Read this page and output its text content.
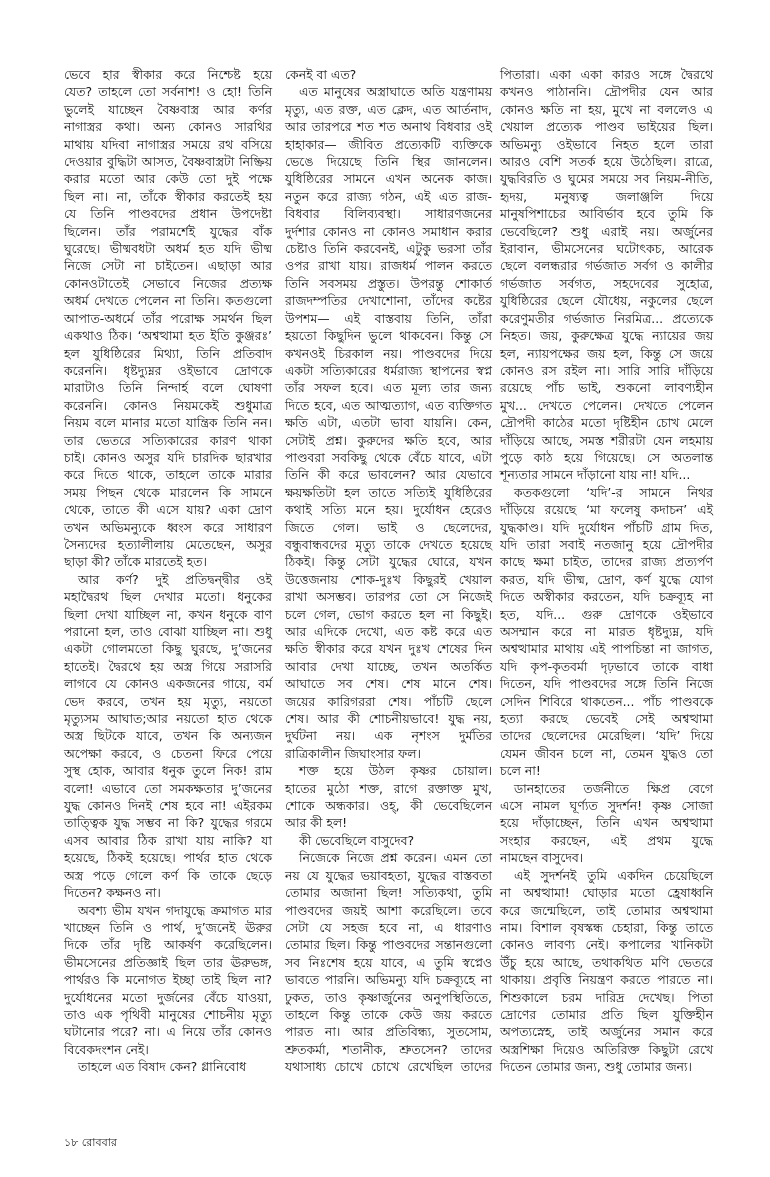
ভেবে হার স্বীকার করে নিশ্চেষ্ট হয়ে
যেত? তাহলে তো সর্বনাশ! ও হো! তিনি
ভুলেই যাচ্ছেন বৈষ্ণবাস্ত্র আর কর্ণর
নাগাস্ত্রর কথা। অন্য কোনও সারথির
মাথায় যদিবা নাগাস্ত্রর সময়ে রথ বসিয়ে
দেওয়ার বুদ্ধিটা আসত, বৈষ্ণবাস্ত্রটা নিষ্ক্রিয়
করার মতো আর কেউ তো দুই পক্ষে
ছিল না। না, তাঁকে স্বীকার করতেই হয়
যে তিনি পাণ্ডবদের প্রধান উপদেষ্টা
ছিলেন। তাঁর পরামর্শেই যুদ্ধের বাঁক
ঘুরেছে। ভীষ্মবধটা অধর্ম হত যদি ভীষ্ম
নিজে সেটা না চাইতেন। এছাড়া আর
কোনওটাতেই সেভাবে নিজের প্রত্যক্ষ
অধর্ম দেখতে পেলেন না তিনি। কতগুলো
আপাত-অধর্মে তাঁর পরোক্ষ সমর্থন ছিল
একথাও ঠিক। ‘অশ্বত্থামা হত ইতি কুঞ্জরঃ’
হল যুধিষ্ঠিরের মিথ্যা, তিনি প্রতিবাদ
করেননি। ধৃষ্টদ্যুম্নর ওইভাবে দ্রোণকে
মারাটাও তিনি নিন্দার্হ বলে ঘোষণা
করেননি। কোনও নিয়মকেই শুধুমাত্র
নিয়ম বলে মানার মতো যান্ত্রিক তিনি নন।
তার ভেতরে সত্যিকারের কারণ থাকা
চাই। কোনও অসুর যদি চারদিক ছারখার
করে দিতে থাকে, তাহলে তাকে মারার
সময় পিছন থেকে মারলেন কি সামনে
থেকে, তাতে কী এসে যায়? একা দ্রোণ
তখন অভিমন্যুকে ধ্বংস করে সাধারণ
সৈন্যদের হত্যালীলায় মেতেছেন, অসুর
ছাড়া কী? তাঁকে মারতেই হত।
আর কর্ণ? দুই প্রতিদ্বন্দ্বীর ওই
মহাদ্বৈরথ ছিল দেখার মতো। ধনুকের
ছিলা দেখা যাচ্ছিল না, কখন ধনুকে বাণ
পরানো হল, তাও বোঝা যাচ্ছিল না। শুধু
একটা গোলমতো কিছু ঘুরছে, দু’জনের
হাতেই। দ্বৈরথে হয় অস্ত্র গিয়ে সরাসরি
লাগবে যে কোনও একজনের গায়ে, বর্ম
ভেদ করবে, তখন হয় মৃত্যু, নয়তো
মৃত্যুসম আঘাত;আর নয়তো হাত থেকে
অস্ত্র ছিটকে যাবে, তখন কি অন্যজন
অপেক্ষা করবে, ও চেতনা ফিরে পেয়ে
সুস্থ হোক, আবার ধনুক তুলে নিক! রাম
বলো! এভাবে তো সমকক্ষতার দু’জনের
যুদ্ধ কোনও দিনই শেষ হবে না! এইরকম
তাত্ত্বিক যুদ্ধ সম্ভব না কি? যুদ্ধের গরমে
এসব আবার ঠিক রাখা যায় নাকি? যা
হয়েছে, ঠিকই হয়েছে। পার্থর হাত থেকে
অস্ত্র পড়ে গেলে কর্ণ কি তাকে ছেড়ে
দিতেন? কক্ষনও না।
অবশ্য ভীম যখন গদাযুদ্ধে ক্রমাগত মার
খাচ্ছেন তিনি ও পার্থ, দু’জনেই ঊরুর
দিকে তাঁর দৃষ্টি আকর্ষণ করেছিলেন।
ভীমসেনের প্রতিজ্ঞাই ছিল তার ঊরুভঙ্গ,
পার্থরও কি মনোগত ইচ্ছা তাই ছিল না?
দুর্যোধনের মতো দুর্জনের বেঁচে যাওয়া,
তাও এক পৃথিবী মানুষের শোচনীয় মৃত্যু
ঘটানোর পরে? না। এ নিয়ে তাঁর কোনও
বিবেকদংশন নেই।
তাহলে এত বিষাদ কেন? গ্লানিবোধ
কেনই বা এত?
এত মানুষের অস্ত্রাঘাতে অতি যন্ত্রণাময়
মৃত্যু, এত রক্ত, এত ক্লেদ, এত আর্তনাদ,
আর তারপরে শত শত অনাথ বিধবার ওই
হাহাকার— জীবিত প্রত্যেকটি ব্যক্তিকে
ভেঙে দিয়েছে তিনি স্থির জানলেন।
যুধিষ্ঠিরের সামনে এখন অনেক কাজ।
নতুন করে রাজ্য গঠন, এই এত রাজ-
বিধবার বিলিব্যবস্থা। সাধারণজনের
দুর্দশার কোনও না কোনও সমাধান করার
চেষ্টাও তিনি করবেনই, এটুকু ভরসা তাঁর
ওপর রাখা যায়। রাজধর্ম পালন করতে
তিনি সবসময় প্রস্তুত। উপরন্তু শোকার্ত
রাজদম্পতির দেখাশোনা, তাঁদের কষ্টের
উপশম— এই বাস্তবায় তিনি, তাঁরা
হয়তো কিছুদিন ভুলে থাকবেন। কিন্তু সে
কখনওই চিরকাল নয়। পাণ্ডবদের দিয়ে
একটা সত্যিকারের ধর্মরাজ্য স্থাপনের স্বপ্ন
তাঁর সফল হবে। এত মূল্য তার জন্য
দিতে হবে, এত আত্মত্যাগ, এত ব্যক্তিগত
ক্ষতি এটা, এতটা ভাবা যায়নি। কেন,
সেটাই প্রশ্ন। কুরুদের ক্ষতি হবে, আর
পাণ্ডবরা সবকিছু থেকে বেঁচে যাবে, এটা
তিনি কী করে ভাবলেন? আর যেভাবে
ক্ষয়ক্ষতিটা হল তাতে সত্যিই যুধিষ্ঠিরের
কথাই সত্যি মনে হয়। দুর্যোধন হেরেও
জিতে গেল। ভাই ও ছেলেদের,
বন্ধুবান্ধবদের মৃত্যু তাকে দেখতে হয়েছে
ঠিকই। কিন্তু সেটা যুদ্ধের ঘোরে, যখন
উত্তেজনায় শোক-দুঃখ কিছুরই খেয়াল
রাখা অসম্ভব। তারপর তো সে নিজেই
চলে গেল, ভোগ করতে হল না কিছুই।
আর এদিকে দেখো, এত কষ্ট করে এত
ক্ষতি স্বীকার করে যখন দুঃখ শেষের দিন
আবার দেখা যাচ্ছে, তখন অতর্কিত
আঘাতে সব শেষ। শেষ মানে শেষ।
জয়ের কারিগররা শেষ। পাঁচটি ছেলে
শেষ। আর কী শোচনীয়ভাবে! যুদ্ধ নয়,
দুর্ঘটনা নয়। এক নৃশংস দুর্মতির
রাত্রিকালীন জিঘাংসার ফল।
শক্ত হয়ে উঠল কৃষ্ণর চোয়াল।
হাতের মুঠো শক্ত, রাগে রক্তাক্ত মুখ,
শোকে অন্ধকার। ওহ্, কী ভেবেছিলেন
আর কী হল!
কী ভেবেছিলে বাসুদেব?
নিজেকে নিজে প্রশ্ন করেন। এমন তো
নয় যে যুদ্ধের ভয়াবহতা, যুদ্ধের বাস্তবতা
তোমার অজানা ছিল! সত্যিকথা, তুমি
পাণ্ডবদের জয়ই আশা করেছিলে। তবে
সেটা যে সহজ হবে না, এ ধারণাও
তোমার ছিল। কিন্তু পাণ্ডবদের সন্তানগুলো
সব নিঃশেষ হয়ে যাবে, এ তুমি স্বপ্নেও
ভাবতে পারনি। অভিমন্যু যদি চক্রব্যূহে না
ঢুকত, তাও কৃষ্ণার্জুনের অনুপস্থিতিতে,
তাহলে কিন্তু তাকে কেউ জয় করতে
পারত না। আর প্রতিবিন্ধ্য, সুতসোম,
শ্রুতকর্মা, শতানীক, শ্রুতসেন? তাদের
যথাসাধ্য চোখে চোখে রেখেছিল তাদের
পিতারা। একা একা কারও সঙ্গে দ্বৈরথে
কখনও পাঠাননি। দ্রৌপদীর যেন আর
কোনও ক্ষতি না হয়, মুখে না বললেও এ
খেয়াল প্রত্যেক পাণ্ডব ভাইয়ের ছিল।
অভিমন্যু ওইভাবে নিহত হলে তারা
আরও বেশি সতর্ক হয়ে উঠেছিল। রাত্রে,
যুদ্ধবিরতি ও ঘুমের সময়ে সব নিয়ম-নীতি,
হৃদয়, মনুষ্যত্ব জলাঞ্জলি দিয়ে
মানুষপিশাচের আবির্ভাব হবে তুমি কি
ভেবেছিলে? শুধু এরাই নয়। অর্জুনের
ইরাবান, ভীমসেনের ঘটোৎকচ, আরেক
ছেলে বলন্ধরার গর্ভজাত সর্বগ ও কালীর
গর্ভজাত সর্বগত, সহদেবের সুহোত্র,
যুধিষ্ঠিরের ছেলে যৌধেয়, নকুলের ছেলে
করেণুমতীর গর্ভজাত নিরমিত্র... প্রত্যেকে
নিহত। জয়, কুরুক্ষেত্র যুদ্ধে ন্যায়ের জয়
হল, ন্যায়পক্ষের জয় হল, কিন্তু সে জয়ে
কোনও রস রইল না। সারি সারি দাঁড়িয়ে
রয়েছে পাঁচ ভাই, শুকনো লাবণ্যহীন
মুখ... দেখতে পেলেন। দেখতে পেলেন
দ্রৌপদী কাঠের মতো দৃষ্টিহীন চোখ মেলে
দাঁড়িয়ে আছে, সমস্ত শরীরটা যেন লহমায়
পুড়ে কাঠ হয়ে গিয়েছে। সে অতলান্ত
শূন্যতার সামনে দাঁড়ানো যায় না! যদি...
কতকগুলো ‘যদি’-র সামনে নিথর
দাঁড়িয়ে রয়েছে ‘মা ফলেষু কদাচন’ এই
যুদ্ধকাণ্ড। যদি দুর্যোধন পাঁচটি গ্রাম দিত,
যদি তারা সবাই নতজানু হয়ে দ্রৌপদীর
কাছে ক্ষমা চাইত, তাদের রাজ্য প্রত্যর্পণ
করত, যদি ভীষ্ম, দ্রোণ, কর্ণ যুদ্ধে যোগ
দিতে অস্বীকার করতেন, যদি চক্রব্যূহ না
হত, যদি... গুরু দ্রোণকে ওইভাবে
অসম্মান করে না মারত ধৃষ্টদ্যুম্ন, যদি
অশ্বত্থামার মাথায় এই পাপচিন্তা না জাগত,
যদি কৃপ-কৃতবর্মা দৃঢ়ভাবে তাকে বাধা
দিতেন, যদি পাণ্ডবদের সঙ্গে তিনি নিজে
সেদিন শিবিরে থাকতেন... পাঁচ পাণ্ডবকে
হত্যা করছে ভেবেই সেই অশ্বত্থামা
তাদের ছেলেদের মেরেছিল। ‘যদি’ দিয়ে
যেমন জীবন চলে না, তেমন যুদ্ধও তো
চলে না!
ডানহাতের তর্জনীতে ক্ষিপ্র বেগে
এসে নামল ঘূর্ণ্যত সুদর্শন! কৃষ্ণ সোজা
হয়ে দাঁড়াচ্ছেন, তিনি এখন অশ্বত্থামা
সংহার করছেন, এই প্রথম যুদ্ধে
নামছেন বাসুদেব।
এই সুদর্শনই তুমি একদিন চেয়েছিলে
না অশ্বত্থামা! ঘোড়ার মতো হ্রেষাধ্বনি
করে জন্মেছিলে, তাই তোমার অশ্বত্থামা
নাম। বিশাল বৃষস্কন্ধ চেহারা, কিন্তু তাতে
কোনও লাবণ্য নেই। কপালের খানিকটা
উঁচু হয়ে আছে, তথাকথিত মণি ভেতরে
থাকায়। প্রবৃত্তি নিয়ন্ত্রণ করতে পারতে না।
শিশুকালে চরম দারিদ্র দেখেছ। পিতা
দ্রোণের তোমার প্রতি ছিল যুক্তিহীন
অপত্যস্নেহ, তাই অর্জুনের সমান করে
অস্ত্রশিক্ষা দিয়েও অতিরিক্ত কিছুটা রেখে
দিতেন তোমার জন্য, শুধু তোমার জন্য।
১৮ রোববার
